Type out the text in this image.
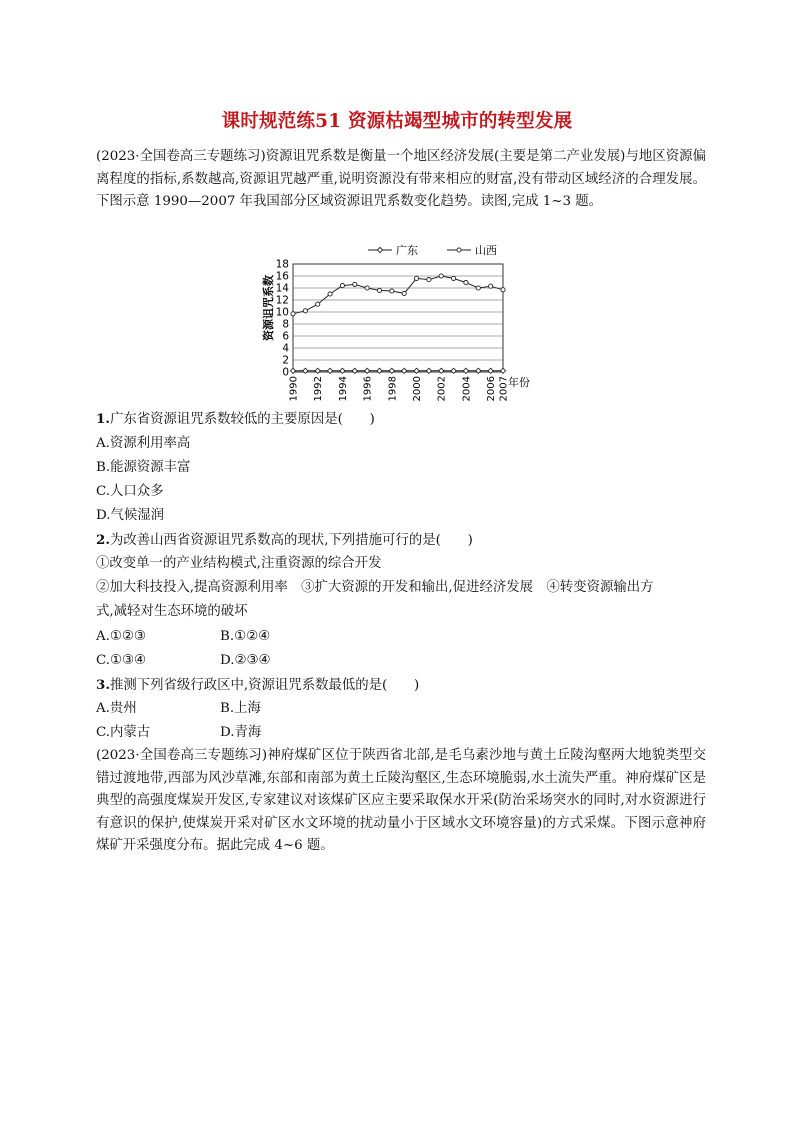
课时规范练51 资源枯竭型城市的转型发展
(2023·全国卷高三专题练习)资源诅咒系数是衡量一个地区经济发展(主要是第二产业发展)与地区资源偏离程度的指标,系数越高,资源诅咒越严重,说明资源没有带来相应的财富,没有带动区域经济的合理发展。下图示意 1990—2007 年我国部分区域资源诅咒系数变化趋势。读图,完成 1~3 题。
广东	山西
资源诅咒系数
0
2
4
6
8
10
12
14
16
18
1990 1992 1994 1996 1998 2000 2002 2004 2006 2007
年份
1.广东省资源诅咒系数较低的主要原因是(　　)
A.资源利用率高
B.能源资源丰富
C.人口众多
D.气候湿润
2.为改善山西省资源诅咒系数高的现状,下列措施可行的是(　　)
①改变单一的产业结构模式,注重资源的综合开发
②加大科技投入,提高资源利用率　③扩大资源的开发和输出,促进经济发展　④转变资源输出方
式,减轻对生态环境的破坏
A.①②③	B.①②④
C.①③④	D.②③④
3.推测下列省级行政区中,资源诅咒系数最低的是(　　)
A.贵州	B.上海
C.内蒙古	D.青海
(2023·全国卷高三专题练习)神府煤矿区位于陕西省北部,是毛乌素沙地与黄土丘陵沟壑两大地貌类型交错过渡地带,西部为风沙草滩,东部和南部为黄土丘陵沟壑区,生态环境脆弱,水土流失严重。神府煤矿区是典型的高强度煤炭开发区,专家建议对该煤矿区应主要采取保水开采(防治采场突水的同时,对水资源进行有意识的保护,使煤炭开采对矿区水文环境的扰动量小于区域水文环境容量)的方式采煤。下图示意神府煤矿开采强度分布。据此完成 4~6 题。
